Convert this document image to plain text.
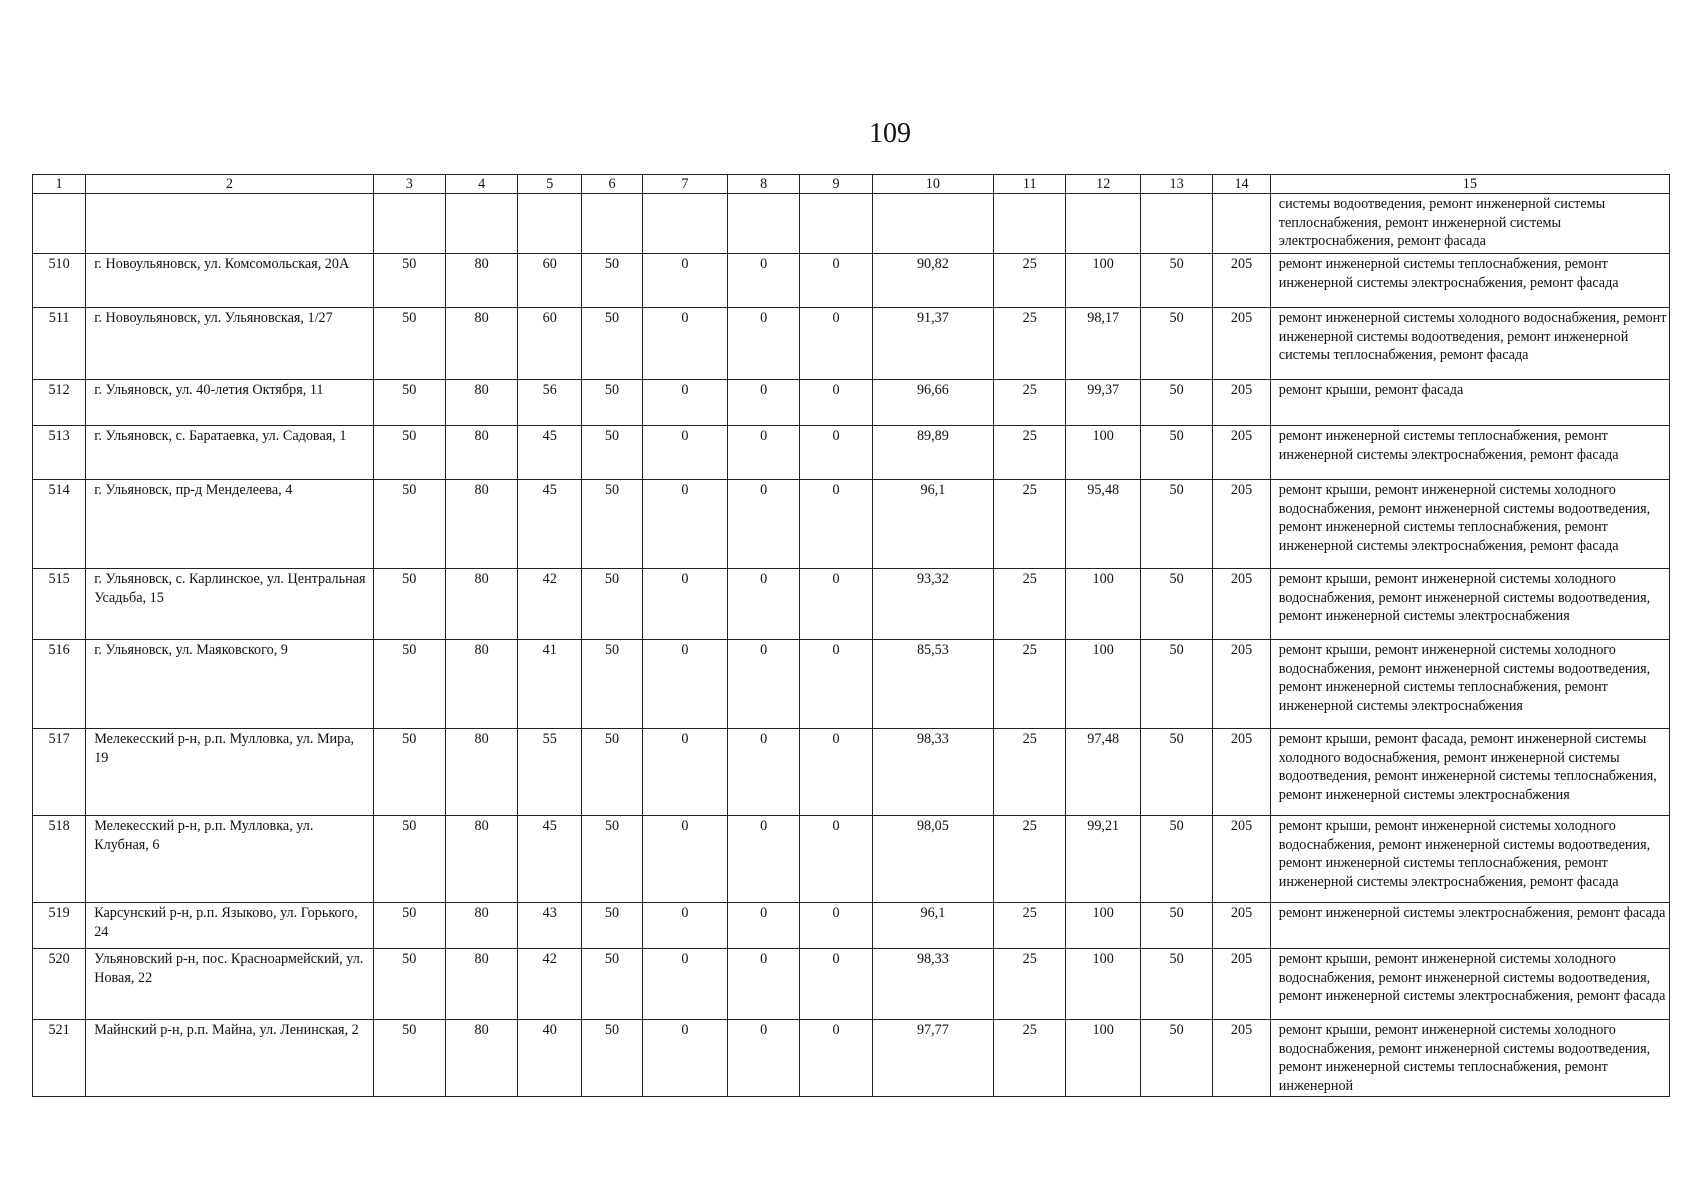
109
1	2	3	4	5	6	7	8	9	10	11	12	13	14	15
														системы водоотведения, ремонт инженерной системы теплоснабжения, ремонт инженерной системы электроснабжения, ремонт фасада
510	г. Новоульяновск, ул. Комсомольская, 20А	50	80	60	50	0	0	0	90,82	25	100	50	205	ремонт инженерной системы теплоснабжения, ремонт инженерной системы электроснабжения, ремонт фасада
511	г. Новоульяновск, ул. Ульяновская, 1/27	50	80	60	50	0	0	0	91,37	25	98,17	50	205	ремонт инженерной системы холодного водоснабжения, ремонт инженерной системы водоотведения, ремонт инженерной системы теплоснабжения, ремонт фасада
512	г. Ульяновск, ул. 40-летия Октября, 11	50	80	56	50	0	0	0	96,66	25	99,37	50	205	ремонт крыши, ремонт фасада
513	г. Ульяновск, с. Баратаевка, ул. Садовая, 1	50	80	45	50	0	0	0	89,89	25	100	50	205	ремонт инженерной системы теплоснабжения, ремонт инженерной системы электроснабжения, ремонт фасада
514	г. Ульяновск, пр-д Менделеева, 4	50	80	45	50	0	0	0	96,1	25	95,48	50	205	ремонт крыши, ремонт инженерной системы холодного водоснабжения, ремонт инженерной системы водоотведения, ремонт инженерной системы теплоснабжения, ремонт инженерной системы электроснабжения, ремонт фасада
515	г. Ульяновск, с. Карлинское, ул. Центральная Усадьба, 15	50	80	42	50	0	0	0	93,32	25	100	50	205	ремонт крыши, ремонт инженерной системы холодного водоснабжения, ремонт инженерной системы водоотведения, ремонт инженерной системы электроснабжения
516	г. Ульяновск, ул. Маяковского, 9	50	80	41	50	0	0	0	85,53	25	100	50	205	ремонт крыши, ремонт инженерной системы холодного водоснабжения, ремонт инженерной системы водоотведения, ремонт инженерной системы теплоснабжения, ремонт инженерной системы электроснабжения
517	Мелекесский р-н, р.п. Мулловка, ул. Мира, 19	50	80	55	50	0	0	0	98,33	25	97,48	50	205	ремонт крыши, ремонт фасада, ремонт инженерной системы холодного водоснабжения, ремонт инженерной системы водоотведения, ремонт инженерной системы теплоснабжения, ремонт инженерной системы электроснабжения
518	Мелекесский р-н, р.п. Мулловка, ул. Клубная, 6	50	80	45	50	0	0	0	98,05	25	99,21	50	205	ремонт крыши, ремонт инженерной системы холодного водоснабжения, ремонт инженерной системы водоотведения, ремонт инженерной системы теплоснабжения, ремонт инженерной системы электроснабжения, ремонт фасада
519	Карсунский р-н, р.п. Языково, ул. Горького, 24	50	80	43	50	0	0	0	96,1	25	100	50	205	ремонт инженерной системы электроснабжения, ремонт фасада
520	Ульяновский р-н, пос. Красноармейский, ул. Новая, 22	50	80	42	50	0	0	0	98,33	25	100	50	205	ремонт крыши, ремонт инженерной системы холодного водоснабжения, ремонт инженерной системы водоотведения, ремонт инженерной системы электроснабжения, ремонт фасада
521	Майнский р-н, р.п. Майна, ул. Ленинская, 2	50	80	40	50	0	0	0	97,77	25	100	50	205	ремонт крыши, ремонт инженерной системы холодного водоснабжения, ремонт инженерной системы водоотведения, ремонт инженерной системы теплоснабжения, ремонт инженерной
